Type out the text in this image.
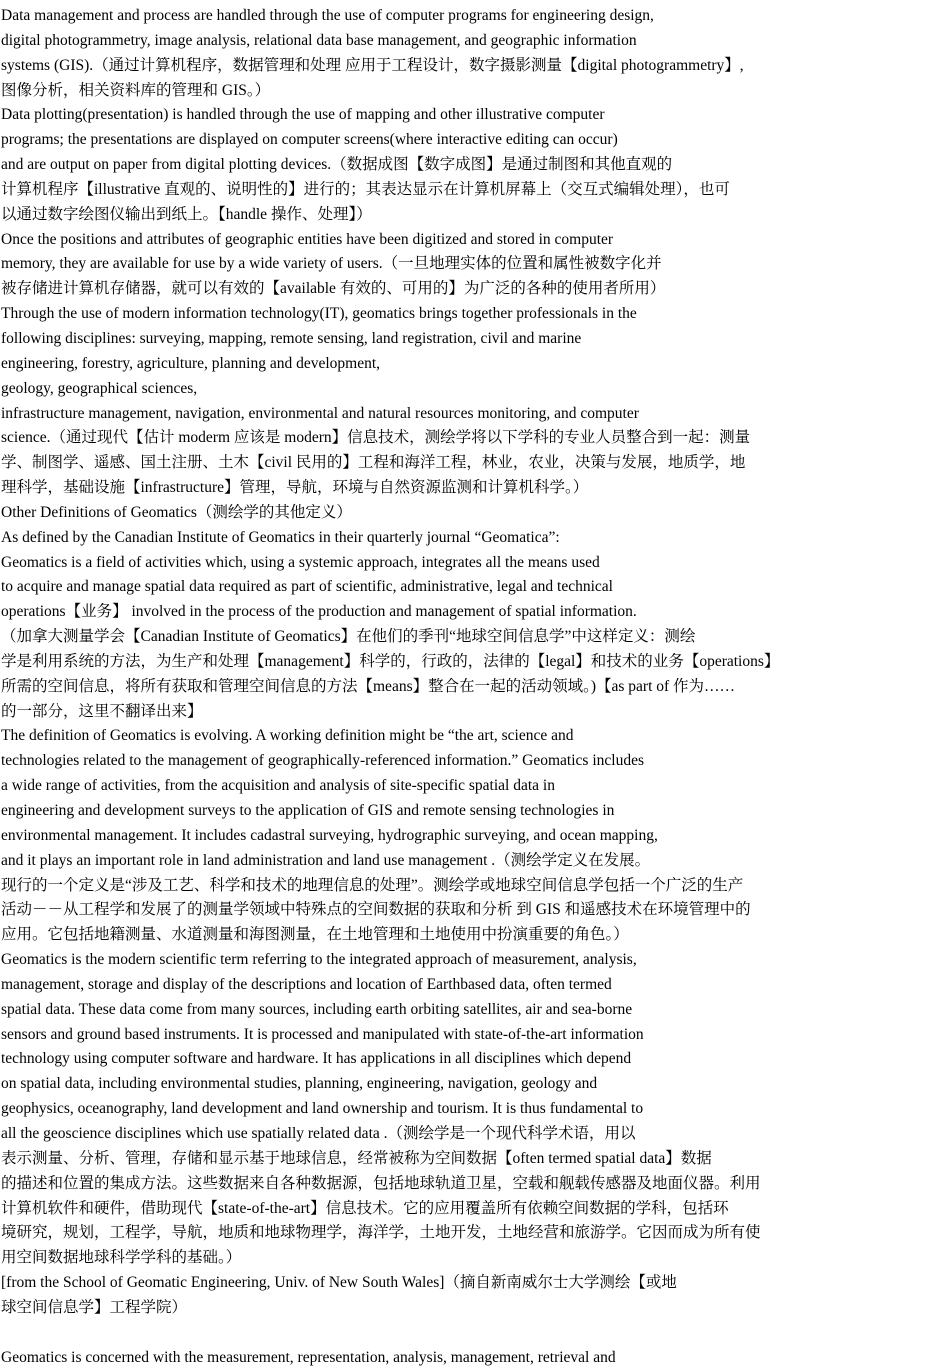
Data management and process are handled through the use of computer programs for engineering design,
digital photogrammetry, image analysis, relational data base management, and geographic information
systems (GIS).（通过计算机程序，数据管理和处理 应用于工程设计，数字摄影测量【digital photogrammetry】,
图像分析，相关资料库的管理和 GIS。）
Data plotting(presentation) is handled through the use of mapping and other illustrative computer
programs; the presentations are displayed on computer screens(where interactive editing can occur)
and are output on paper from digital plotting devices.（数据成图【数字成图】是通过制图和其他直观的
计算机程序【illustrative 直观的、说明性的】进行的；其表达显示在计算机屏幕上（交互式编辑处理），也可
以通过数字绘图仪输出到纸上。【handle 操作、处理】）
Once the positions and attributes of geographic entities have been digitized and stored in computer
memory, they are available for use by a wide variety of users.（一旦地理实体的位置和属性被数字化并
被存储进计算机存储器，就可以有效的【available 有效的、可用的】为广泛的各种的使用者所用）
Through the use of modern information technology(IT), geomatics brings together professionals in the
following disciplines: surveying, mapping, remote sensing, land registration, civil and marine
engineering, forestry, agriculture, planning and development,
geology, geographical sciences,
infrastructure management, navigation, environmental and natural resources monitoring, and computer
science.（通过现代【估计 moderm 应该是 modern】信息技术，测绘学将以下学科的专业人员整合到一起：测量
学、制图学、遥感、国土注册、土木【civil 民用的】工程和海洋工程，林业，农业，决策与发展，地质学，地
理科学，基础设施【infrastructure】管理，导航，环境与自然资源监测和计算机科学。）
Other Definitions of Geomatics（测绘学的其他定义）
As defined by the Canadian Institute of Geomatics in their quarterly journal “Geomatica”:
Geomatics is a field of activities which, using a systemic approach, integrates all the means used
to acquire and manage spatial data required as part of scientific, administrative, legal and technical
operations【业务】 involved in the process of the production and management of spatial information.
（加拿大测量学会【Canadian Institute of Geomatics】在他们的季刊“地球空间信息学”中这样定义：测绘
学是利用系统的方法，为生产和处理【management】科学的，行政的，法律的【legal】和技术的业务【operations】
所需的空间信息，将所有获取和管理空间信息的方法【means】整合在一起的活动领域。)【as part of 作为……
的一部分，这里不翻译出来】
The definition of Geomatics is evolving. A working definition might be “the art, science and
technologies related to the management of geographically-referenced information.” Geomatics includes
a wide range of activities, from the acquisition and analysis of site-specific spatial data in
engineering and development surveys to the application of GIS and remote sensing technologies in
environmental management. It includes cadastral surveying, hydrographic surveying, and ocean mapping,
and it plays an important role in land administration and land use management .（测绘学定义在发展。
现行的一个定义是“涉及工艺、科学和技术的地理信息的处理”。测绘学或地球空间信息学包括一个广泛的生产
活动－－从工程学和发展了的测量学领域中特殊点的空间数据的获取和分析 到 GIS 和遥感技术在环境管理中的
应用。它包括地籍测量、水道测量和海图测量，在土地管理和土地使用中扮演重要的角色。）
Geomatics is the modern scientific term referring to the integrated approach of measurement, analysis,
management, storage and display of the descriptions and location of Earthbased data, often termed
spatial data. These data come from many sources, including earth orbiting satellites, air and sea-borne
sensors and ground based instruments. It is processed and manipulated with state-of-the-art information
technology using computer software and hardware. It has applications in all disciplines which depend
on spatial data, including environmental studies, planning, engineering, navigation, geology and
geophysics, oceanography, land development and land ownership and tourism. It is thus fundamental to
all the geoscience disciplines which use spatially related data .（测绘学是一个现代科学术语，用以
表示测量、分析、管理，存储和显示基于地球信息，经常被称为空间数据【often termed spatial data】数据
的描述和位置的集成方法。这些数据来自各种数据源，包括地球轨道卫星，空载和舰载传感器及地面仪器。利用
计算机软件和硬件，借助现代【state-of-the-art】信息技术。它的应用覆盖所有依赖空间数据的学科，包括环
境研究，规划，工程学，导航，地质和地球物理学，海洋学，土地开发，土地经营和旅游学。它因而成为所有使
用空间数据地球科学学科的基础。）
[from the School of Geomatic Engineering, Univ. of New South Wales]（摘自新南威尔士大学测绘【或地
球空间信息学】工程学院）
Geomatics is concerned with the measurement, representation, analysis, management, retrieval and
